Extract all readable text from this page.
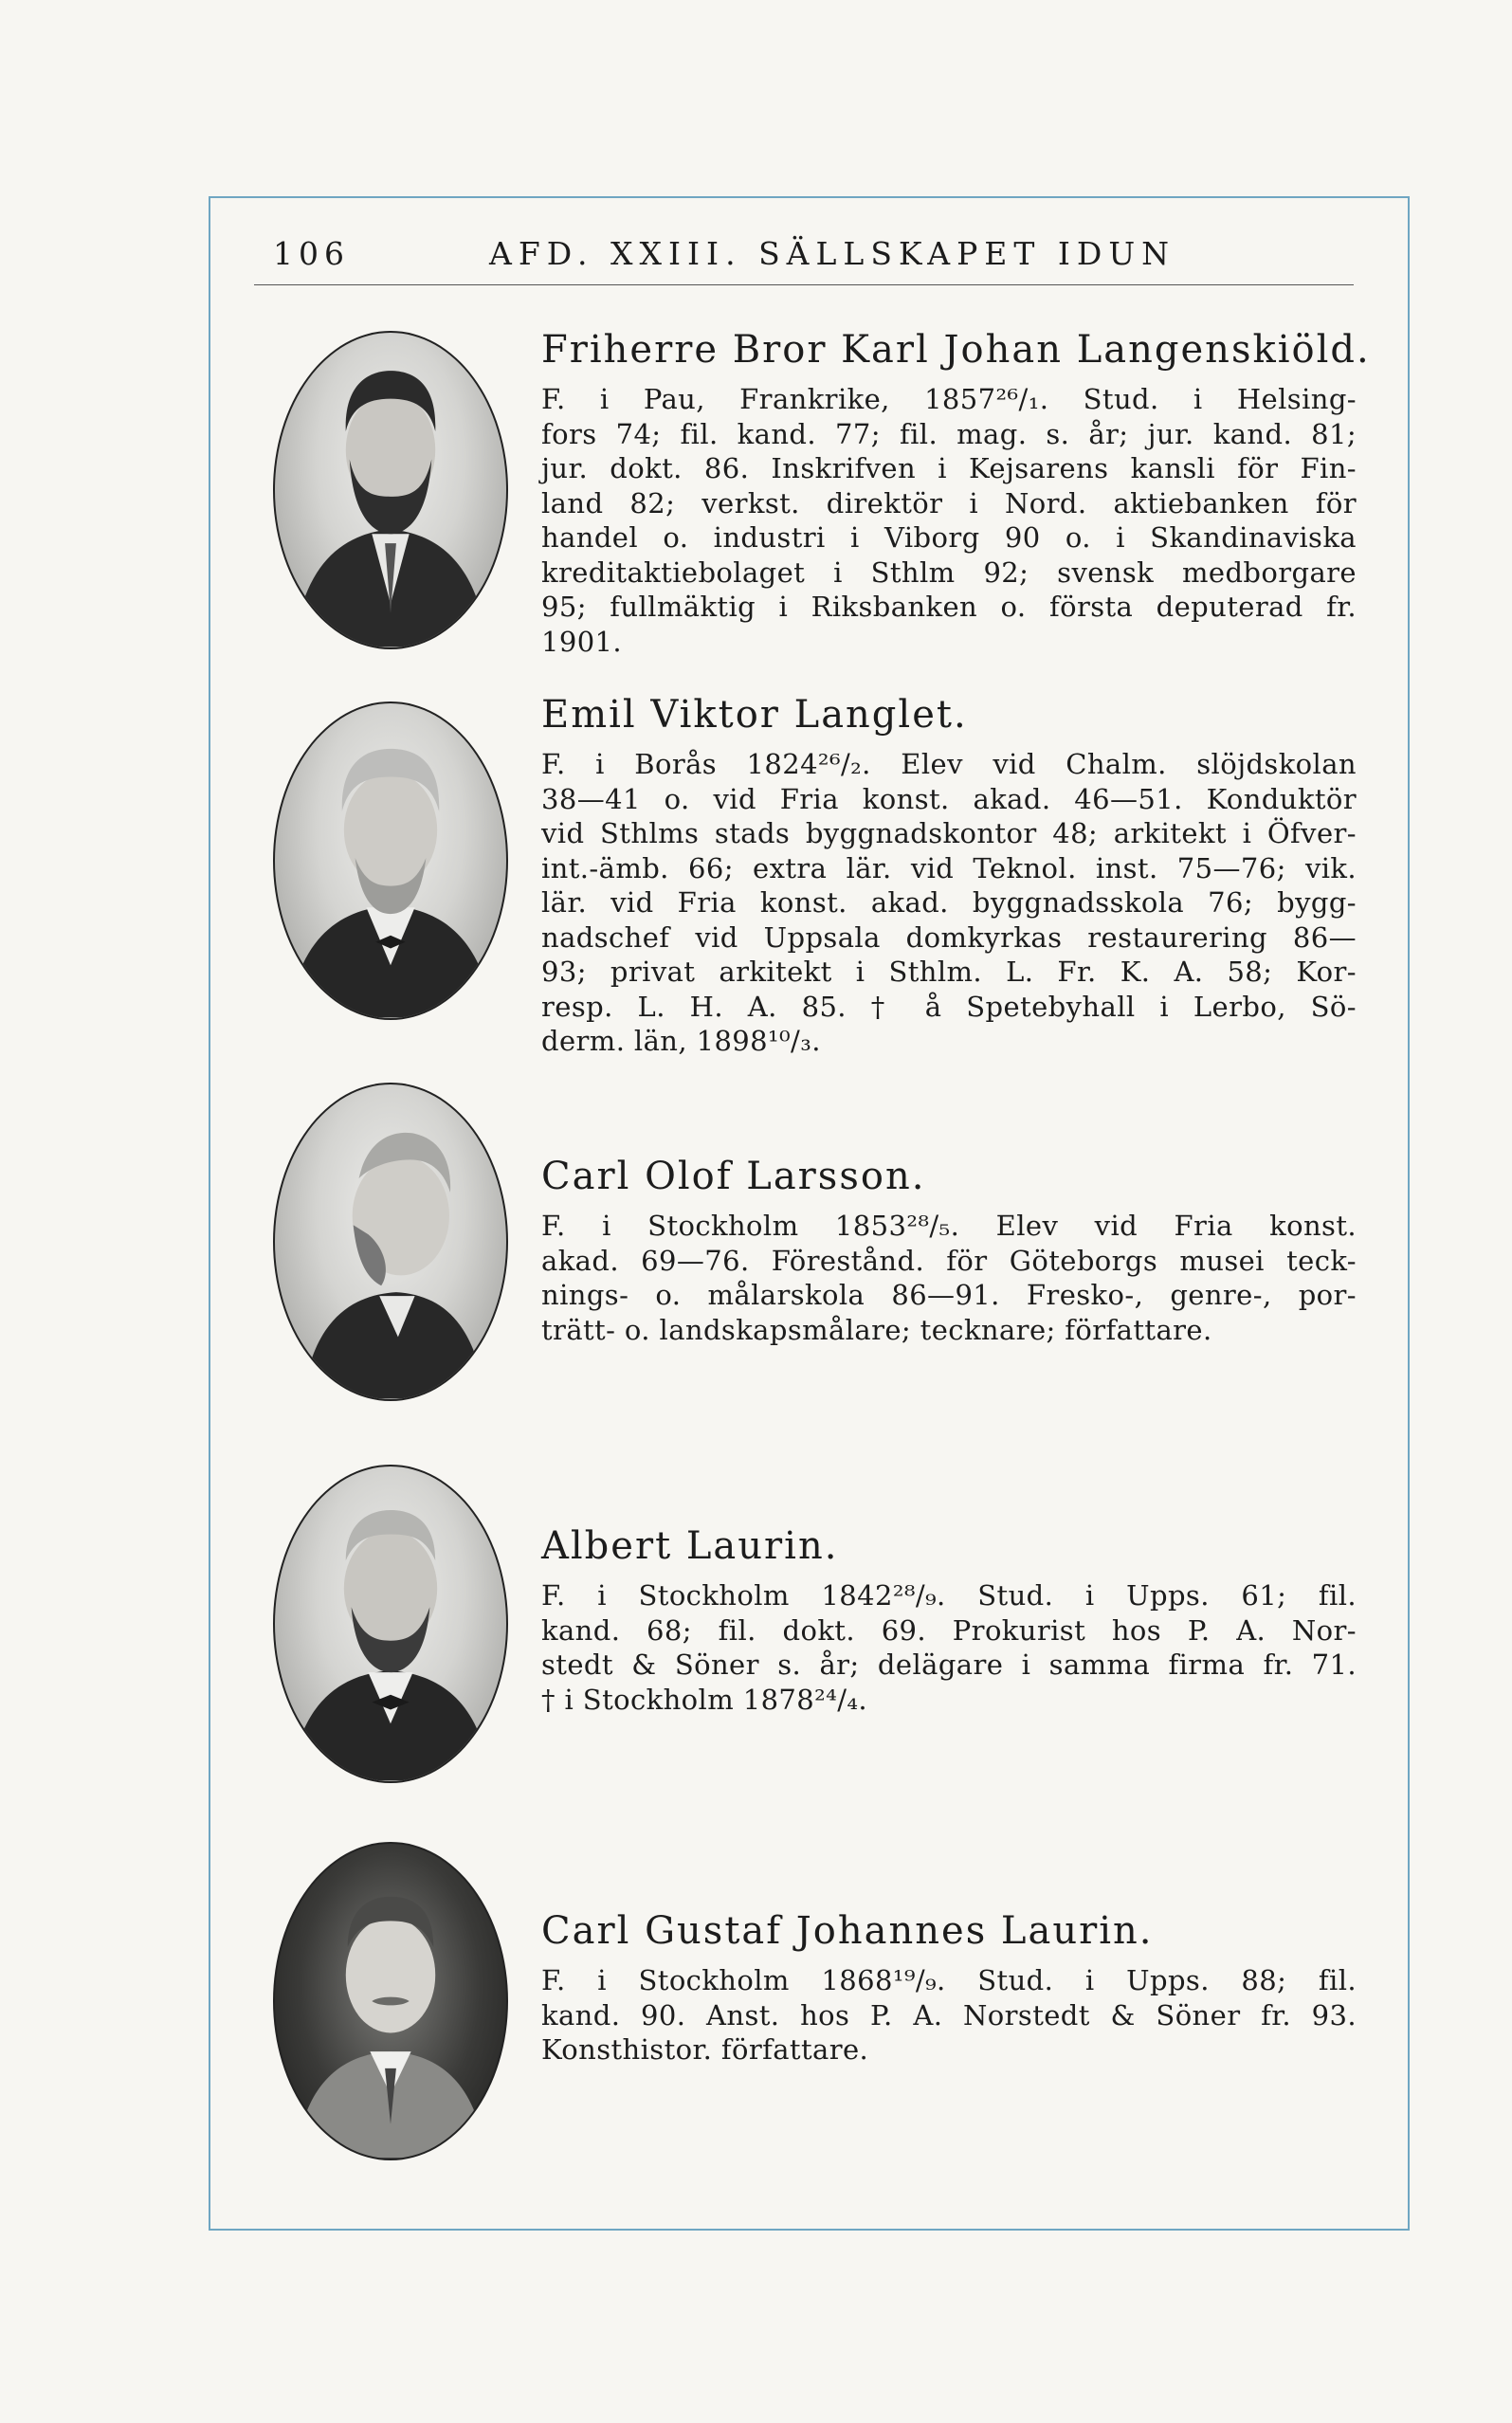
106	AFD. XXIII. SÄLLSKAPET IDUN
Friherre Bror Karl Johan Langenskiöld.
F. i Pau, Frankrike, 1857²⁶/₁. Stud. i Helsing-
fors 74; fil. kand. 77; fil. mag. s. år; jur. kand. 81;
jur. dokt. 86. Inskrifven i Kejsarens kansli för Fin-
land 82; verkst. direktör i Nord. aktiebanken för
handel o. industri i Viborg 90 o. i Skandinaviska
kreditaktiebolaget i Sthlm 92; svensk medborgare
95; fullmäktig i Riksbanken o. första deputerad fr.
1901.
Emil Viktor Langlet.
F. i Borås 1824²⁶/₂. Elev vid Chalm. slöjdskolan
38—41 o. vid Fria konst. akad. 46—51. Konduktör
vid Sthlms stads byggnadskontor 48; arkitekt i Öfver-
int.-ämb. 66; extra lär. vid Teknol. inst. 75—76; vik.
lär. vid Fria konst. akad. byggnadsskola 76; bygg-
nadschef vid Uppsala domkyrkas restaurering 86—
93; privat arkitekt i Sthlm. L. Fr. K. A. 58; Kor-
resp. L. H. A. 85. † å Spetebyhall i Lerbo, Sö-
derm. län, 1898¹⁰/₃.
Carl Olof Larsson.
F. i Stockholm 1853²⁸/₅. Elev vid Fria konst.
akad. 69—76. Förestånd. för Göteborgs musei teck-
nings- o. målarskola 86—91. Fresko-, genre-, por-
trätt- o. landskapsmålare; tecknare; författare.
Albert Laurin.
F. i Stockholm 1842²⁸/₉. Stud. i Upps. 61; fil.
kand. 68; fil. dokt. 69. Prokurist hos P. A. Nor-
stedt & Söner s. år; delägare i samma firma fr. 71.
† i Stockholm 1878²⁴/₄.
Carl Gustaf Johannes Laurin.
F. i Stockholm 1868¹⁹/₉. Stud. i Upps. 88; fil.
kand. 90. Anst. hos P. A. Norstedt & Söner fr. 93.
Konsthistor. författare.
